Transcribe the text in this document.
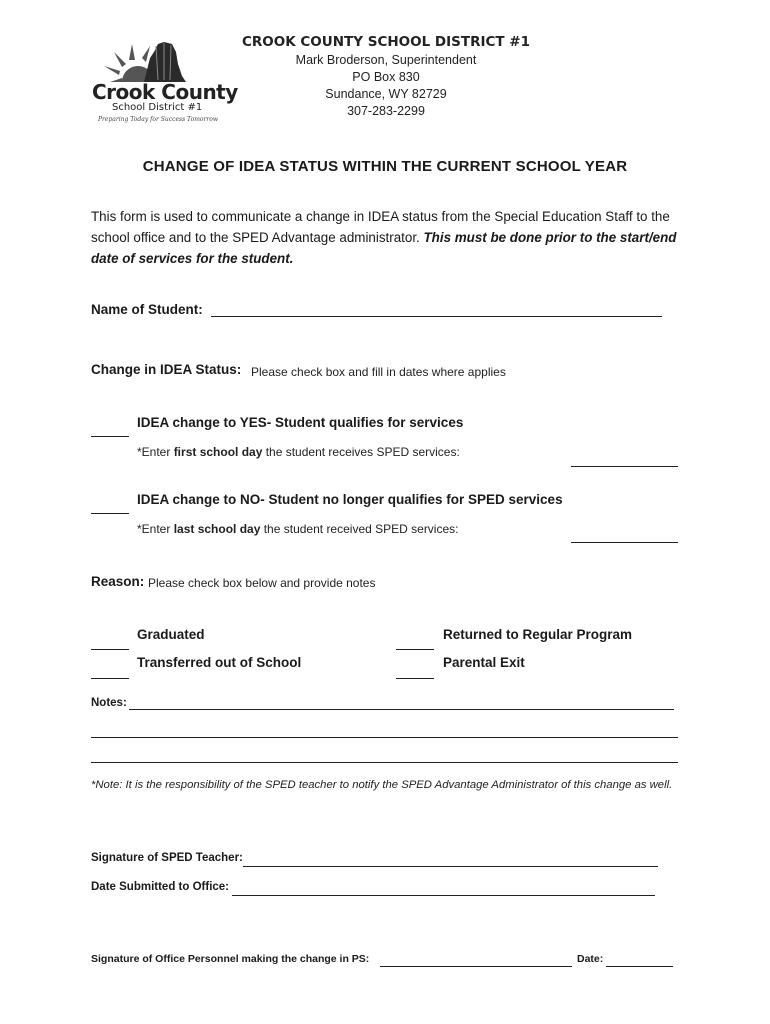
Crook County
School District #1
Preparing Today for Success Tomorrow
CROOK COUNTY SCHOOL DISTRICT #1
Mark Broderson, Superintendent
PO Box 830
Sundance, WY 82729
307-283-2299
CHANGE OF IDEA STATUS WITHIN THE CURRENT SCHOOL YEAR
This form is used to communicate a change in IDEA status from the Special Education Staff to the school office and to the SPED Advantage administrator. This must be done prior to the start/end date of services for the student.
Name of Student:
Change in IDEA Status: Please check box and fill in dates where applies
IDEA change to YES- Student qualifies for services
*Enter first school day the student receives SPED services:
IDEA change to NO- Student no longer qualifies for SPED services
*Enter last school day the student received SPED services:
Reason: Please check box below and provide notes
Graduated	Returned to Regular Program
Transferred out of School	Parental Exit
Notes:
*Note: It is the responsibility of the SPED teacher to notify the SPED Advantage Administrator of this change as well.
Signature of SPED Teacher:
Date Submitted to Office:
Signature of Office Personnel making the change in PS:	Date:
